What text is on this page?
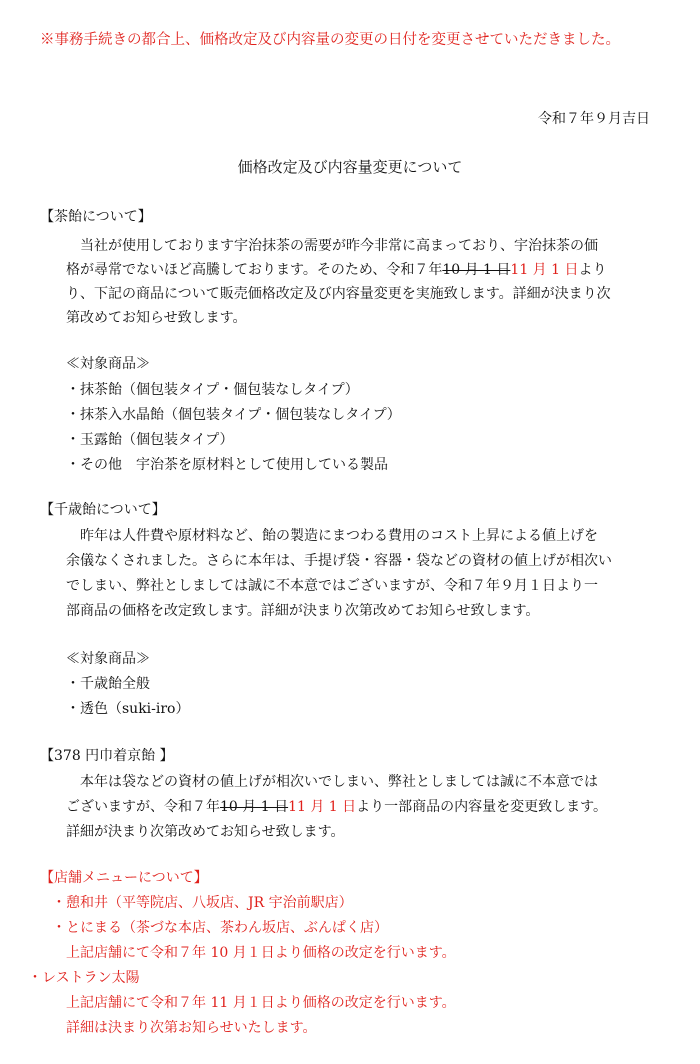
※事務手続きの都合上、価格改定及び内容量の変更の日付を変更させていただきました。
令和７年９月吉日
価格改定及び内容量変更について
【茶飴について】
当社が使用しております宇治抹茶の需要が昨今非常に高まっており、宇治抹茶の価
格が尋常でないほど高騰しております。そのため、令和７年10 月 1 日11 月 1 日より
り、下記の商品について販売価格改定及び内容量変更を実施致します。詳細が決まり次
第改めてお知らせ致します。
≪対象商品≫
・抹茶飴（個包装タイプ・個包装なしタイプ）
・抹茶入水晶飴（個包装タイプ・個包装なしタイプ）
・玉露飴（個包装タイプ）
・その他　宇治茶を原材料として使用している製品
【千歳飴について】
昨年は人件費や原材料など、飴の製造にまつわる費用のコスト上昇による値上げを
余儀なくされました。さらに本年は、手提げ袋・容器・袋などの資材の値上げが相次い
でしまい、弊社としましては誠に不本意ではございますが、令和７年９月１日より一
部商品の価格を改定致します。詳細が決まり次第改めてお知らせ致します。
≪対象商品≫
・千歳飴全般
・透色（suki-iro）
【378 円巾着京飴 】
本年は袋などの資材の値上げが相次いでしまい、弊社としましては誠に不本意では
ございますが、令和７年10 月 1 日11 月 1 日より一部商品の内容量を変更致します。
詳細が決まり次第改めてお知らせ致します。
【店舗メニューについて】
・憩和井（平等院店、八坂店、JR 宇治前駅店）
・とにまる（茶づな本店、茶わん坂店、ぶんぱく店）
上記店舗にて令和７年 10 月１日より価格の改定を行います。
・レストラン太陽
上記店舗にて令和７年 11 月１日より価格の改定を行います。
詳細は決まり次第お知らせいたします。
